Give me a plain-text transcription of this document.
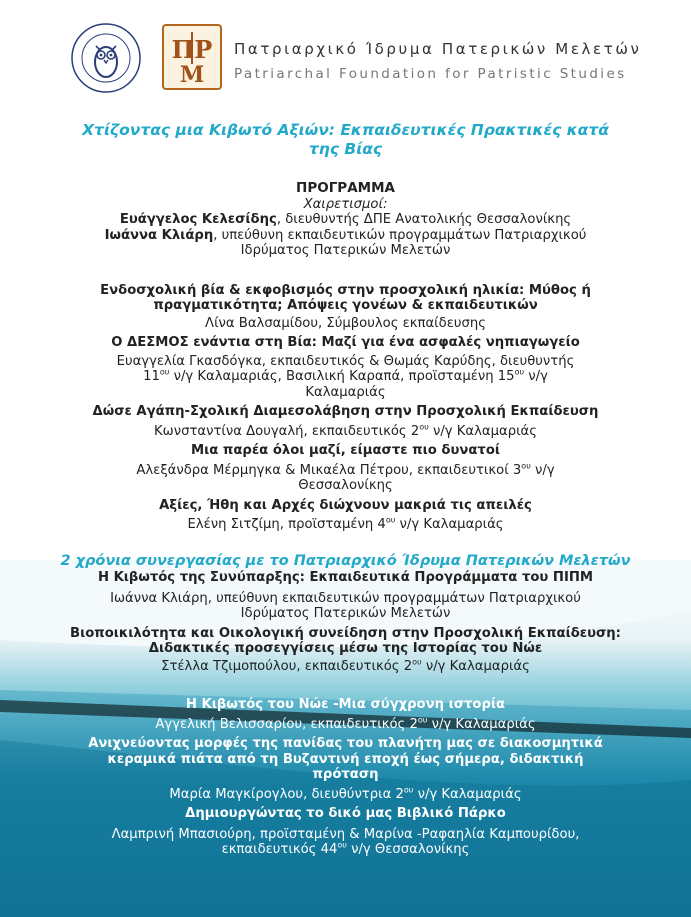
ΠΡ
Μ
Πατριαρχικό Ίδρυμα Πατερικών Μελετών
Patriarchal Foundation for Patristic Studies
Χτίζοντας μια Κιβωτό Αξιών: Εκπαιδευτικές Πρακτικές κατά
της Βίας
ΠΡΟΓΡΑΜΜΑ
Χαιρετισμοί:
Ευάγγελος Κελεσίδης, διευθυντής ΔΠΕ Ανατολικής Θεσσαλονίκης
Ιωάννα Κλιάρη, υπεύθυνη εκπαιδευτικών προγραμμάτων Πατριαρχικού
Ιδρύματος Πατερικών Μελετών
Ενδοσχολική βία & εκφοβισμός στην προσχολική ηλικία: Μύθος ή
πραγματικότητα; Απόψεις γονέων & εκπαιδευτικών
Λίνα Βαλσαμίδου, Σύμβουλος εκπαίδευσης
Ο ΔΕΣΜΟΣ ενάντια στη Βία: Μαζί για ένα ασφαλές νηπιαγωγείο
Ευαγγελία Γκασδόγκα, εκπαιδευτικός & Θωμάς Καρύδης, διευθυντής
$11^{o\upsilon}$ ν/γ Καλαμαριάς, Βασιλική Καραπά, προϊσταμένη $15^{o\upsilon}$ ν/γ
Καλαμαριάς
Δώσε Αγάπη-Σχολική Διαμεσολάβηση στην Προσχολική Εκπαίδευση
Κωνσταντίνα Δουγαλή, εκπαιδευτικός $2^{o\upsilon}$ ν/γ Καλαμαριάς
Μια παρέα όλοι μαζί, είμαστε πιο δυνατοί
Αλεξάνδρα Μέρμηγκα & Μικαέλα Πέτρου, εκπαιδευτικοί $3^{o\upsilon}$ ν/γ
Θεσσαλονίκης
Αξίες, Ήθη και Αρχές διώχνουν μακριά τις απειλές
Ελένη Σιτζίμη, προϊσταμένη $4^{o\upsilon}$ ν/γ Καλαμαριάς
2 χρόνια συνεργασίας με το Πατριαρχικό Ίδρυμα Πατερικών Μελετών
Η Κιβωτός της Συνύπαρξης: Εκπαιδευτικά Προγράμματα του ΠΙΠΜ
Ιωάννα Κλιάρη, υπεύθυνη εκπαιδευτικών προγραμμάτων Πατριαρχικού
Ιδρύματος Πατερικών Μελετών
Βιοποικιλότητα και Οικολογική συνείδηση στην Προσχολική Εκπαίδευση:
Διδακτικές προσεγγίσεις μέσω της Ιστορίας του Νώε
Στέλλα Τζιμοπούλου, εκπαιδευτικός $2^{o\upsilon}$ ν/γ Καλαμαριάς
Η Κιβωτός του Νώε -Μια σύγχρονη ιστορία
Αγγελική Βελισσαρίου, εκπαιδευτικός $2^{o\upsilon}$ ν/γ Καλαμαριάς
Ανιχνεύοντας μορφές της πανίδας του πλανήτη μας σε διακοσμητικά
κεραμικά πιάτα από τη Βυζαντινή εποχή έως σήμερα, διδακτική
πρόταση
Μαρία Μαγκίρογλου, διευθύντρια $2^{o\upsilon}$ ν/γ Καλαμαριάς
Δημιουργώντας το δικό μας Βιβλικό Πάρκο
Λαμπρινή Μπασιούρη, προϊσταμένη & Μαρίνα -Ραφαηλία Καμπουρίδου,
εκπαιδευτικός $44^{o\upsilon}$ ν/γ Θεσσαλονίκης
